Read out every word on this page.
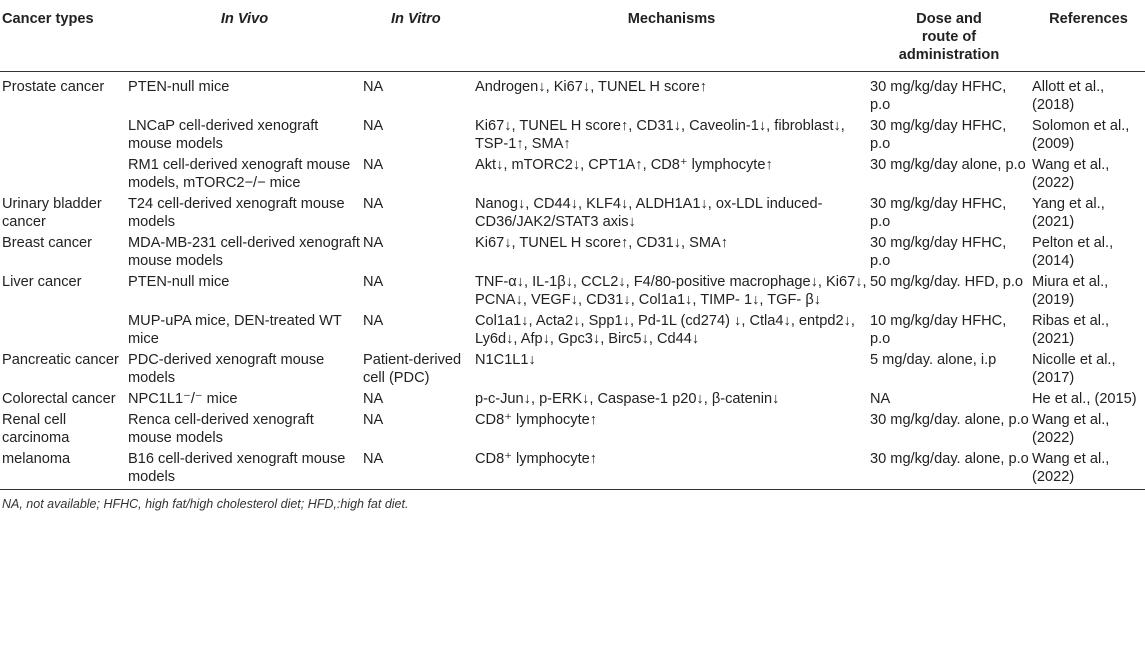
Cancer types	In Vivo	In Vitro	Mechanisms	Dose and route of administration	References
Prostate cancer	PTEN-null mice	NA	Androgen↓, Ki67↓, TUNEL H score↑	30 mg/kg/day HFHC, p.o	Allott et al., (2018)
	LNCaP cell-derived xenograft mouse models	NA	Ki67↓, TUNEL H score↑, CD31↓, Caveolin-1↓, fibroblast↓, TSP-1↑, SMA↑	30 mg/kg/day HFHC, p.o	Solomon et al., (2009)
	RM1 cell-derived xenograft mouse models, mTORC2−/− mice	NA	Akt↓, mTORC2↓, CPT1A↑, CD8⁺ lymphocyte↑	30 mg/kg/day alone, p.o	Wang et al., (2022)
Urinary bladder cancer	T24 cell-derived xenograft mouse models	NA	Nanog↓, CD44↓, KLF4↓, ALDH1A1↓, ox-LDL induced-CD36/JAK2/STAT3 axis↓	30 mg/kg/day HFHC, p.o	Yang et al., (2021)
Breast cancer	MDA-MB-231 cell-derived xenograft mouse models	NA	Ki67↓, TUNEL H score↑, CD31↓, SMA↑	30 mg/kg/day HFHC, p.o	Pelton et al., (2014)
Liver cancer	PTEN-null mice	NA	TNF-α↓, IL-1β↓, CCL2↓, F4/80-positive macrophage↓, Ki67↓, PCNA↓, VEGF↓, CD31↓, Col1a1↓, TIMP- 1↓, TGF- β↓	50 mg/kg/day. HFD, p.o	Miura et al., (2019)
	MUP-uPA mice, DEN-treated WT mice	NA	Col1a1↓, Acta2↓, Spp1↓, Pd-1L (cd274) ↓, Ctla4↓, entpd2↓, Ly6d↓, Afp↓, Gpc3↓, Birc5↓, Cd44↓	10 mg/kg/day HFHC, p.o	Ribas et al., (2021)
Pancreatic cancer	PDC-derived xenograft mouse models	Patient-derived cell (PDC)	N1C1L1↓	5 mg/day. alone, i.p	Nicolle et al., (2017)
Colorectal cancer	NPC1L1⁻/⁻ mice	NA	p-c-Jun↓, p-ERK↓, Caspase-1 p20↓, β-catenin↓	NA	He et al., (2015)
Renal cell carcinoma	Renca cell-derived xenograft mouse models	NA	CD8⁺ lymphocyte↑	30 mg/kg/day. alone, p.o	Wang et al., (2022)
melanoma	B16 cell-derived xenograft mouse models	NA	CD8⁺ lymphocyte↑	30 mg/kg/day. alone, p.o	Wang et al., (2022)
NA, not available; HFHC, high fat/high cholesterol diet; HFD,:high fat diet.
